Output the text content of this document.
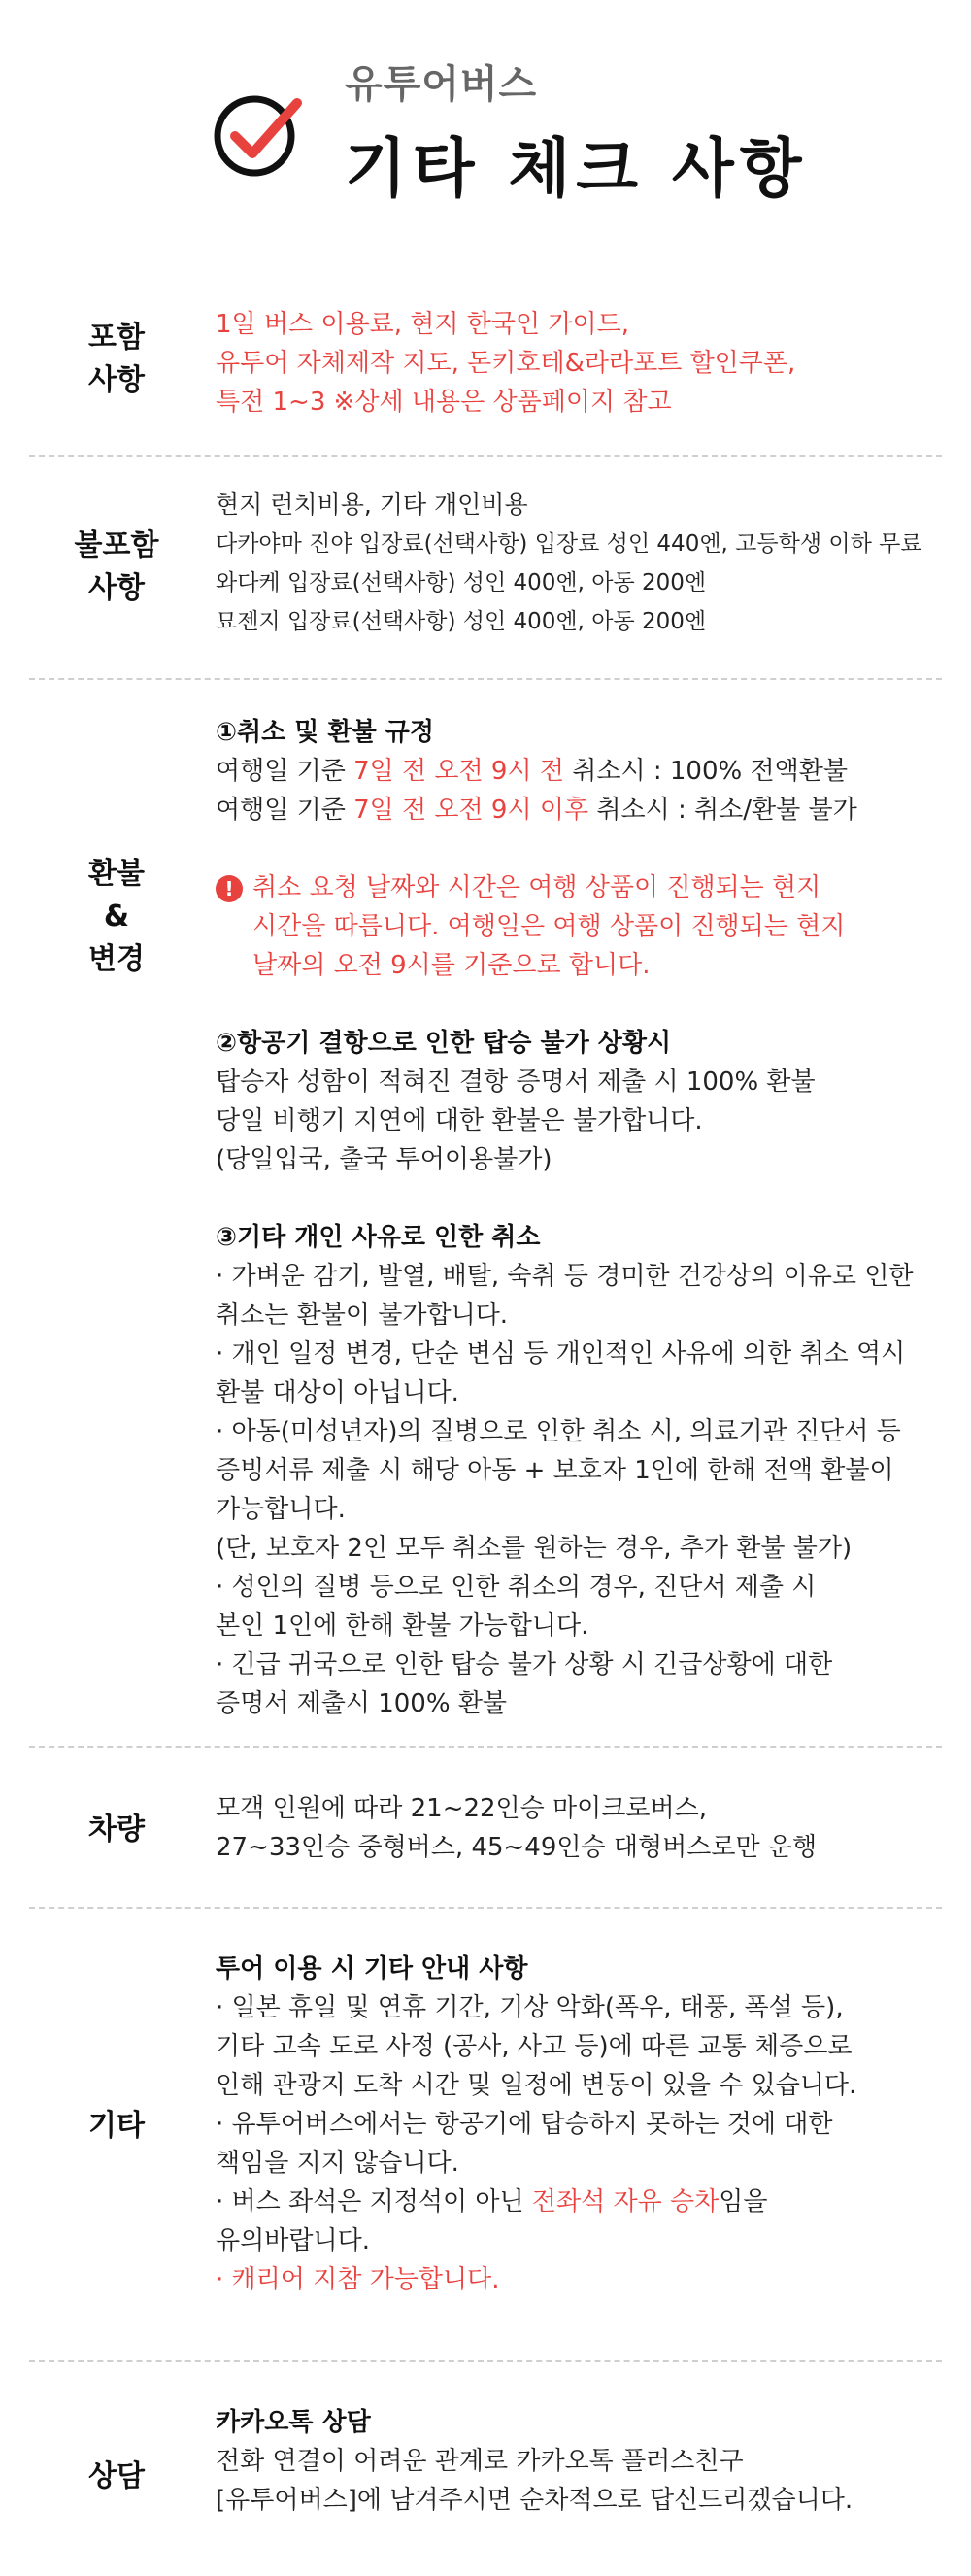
유투어버스
기타 체크 사항
포함
사항
1일 버스 이용료, 현지 한국인 가이드,
유투어 자체제작 지도, 돈키호테&라라포트 할인쿠폰,
특전 1~3 ※상세 내용은 상품페이지 참고
불포함
사항
현지 런치비용, 기타 개인비용
다카야마 진야 입장료(선택사항) 입장료 성인 440엔, 고등학생 이하 무료
와다케 입장료(선택사항) 성인 400엔, 아동 200엔
묘젠지 입장료(선택사항) 성인 400엔, 아동 200엔
환불
&
변경
①취소 및 환불 규정
여행일 기준 7일 전 오전 9시 전 취소시 : 100% 전액환불
여행일 기준 7일 전 오전 9시 이후 취소시 : 취소/환불 불가
! 취소 요청 날짜와 시간은 여행 상품이 진행되는 현지
시간을 따릅니다. 여행일은 여행 상품이 진행되는 현지
날짜의 오전 9시를 기준으로 합니다.
②항공기 결항으로 인한 탑승 불가 상황시
탑승자 성함이 적혀진 결항 증명서 제출 시 100% 환불
당일 비행기 지연에 대한 환불은 불가합니다.
(당일입국, 출국 투어이용불가)
③기타 개인 사유로 인한 취소
· 가벼운 감기, 발열, 배탈, 숙취 등 경미한 건강상의 이유로 인한
취소는 환불이 불가합니다.
· 개인 일정 변경, 단순 변심 등 개인적인 사유에 의한 취소 역시
환불 대상이 아닙니다.
· 아동(미성년자)의 질병으로 인한 취소 시, 의료기관 진단서 등
증빙서류 제출 시 해당 아동 + 보호자 1인에 한해 전액 환불이
가능합니다.
(단, 보호자 2인 모두 취소를 원하는 경우, 추가 환불 불가)
· 성인의 질병 등으로 인한 취소의 경우, 진단서 제출 시
본인 1인에 한해 환불 가능합니다.
· 긴급 귀국으로 인한 탑승 불가 상황 시 긴급상황에 대한
증명서 제출시 100% 환불
차량
모객 인원에 따라 21~22인승 마이크로버스,
27~33인승 중형버스, 45~49인승 대형버스로만 운행
기타
투어 이용 시 기타 안내 사항
· 일본 휴일 및 연휴 기간, 기상 악화(폭우, 태풍, 폭설 등),
기타 고속 도로 사정 (공사, 사고 등)에 따른 교통 체증으로
인해 관광지 도착 시간 및 일정에 변동이 있을 수 있습니다.
· 유투어버스에서는 항공기에 탑승하지 못하는 것에 대한
책임을 지지 않습니다.
· 버스 좌석은 지정석이 아닌 전좌석 자유 승차임을
유의바랍니다.
· 캐리어 지참 가능합니다.
상담
카카오톡 상담
전화 연결이 어려운 관계로 카카오톡 플러스친구
[유투어버스]에 남겨주시면 순차적으로 답신드리겠습니다.
